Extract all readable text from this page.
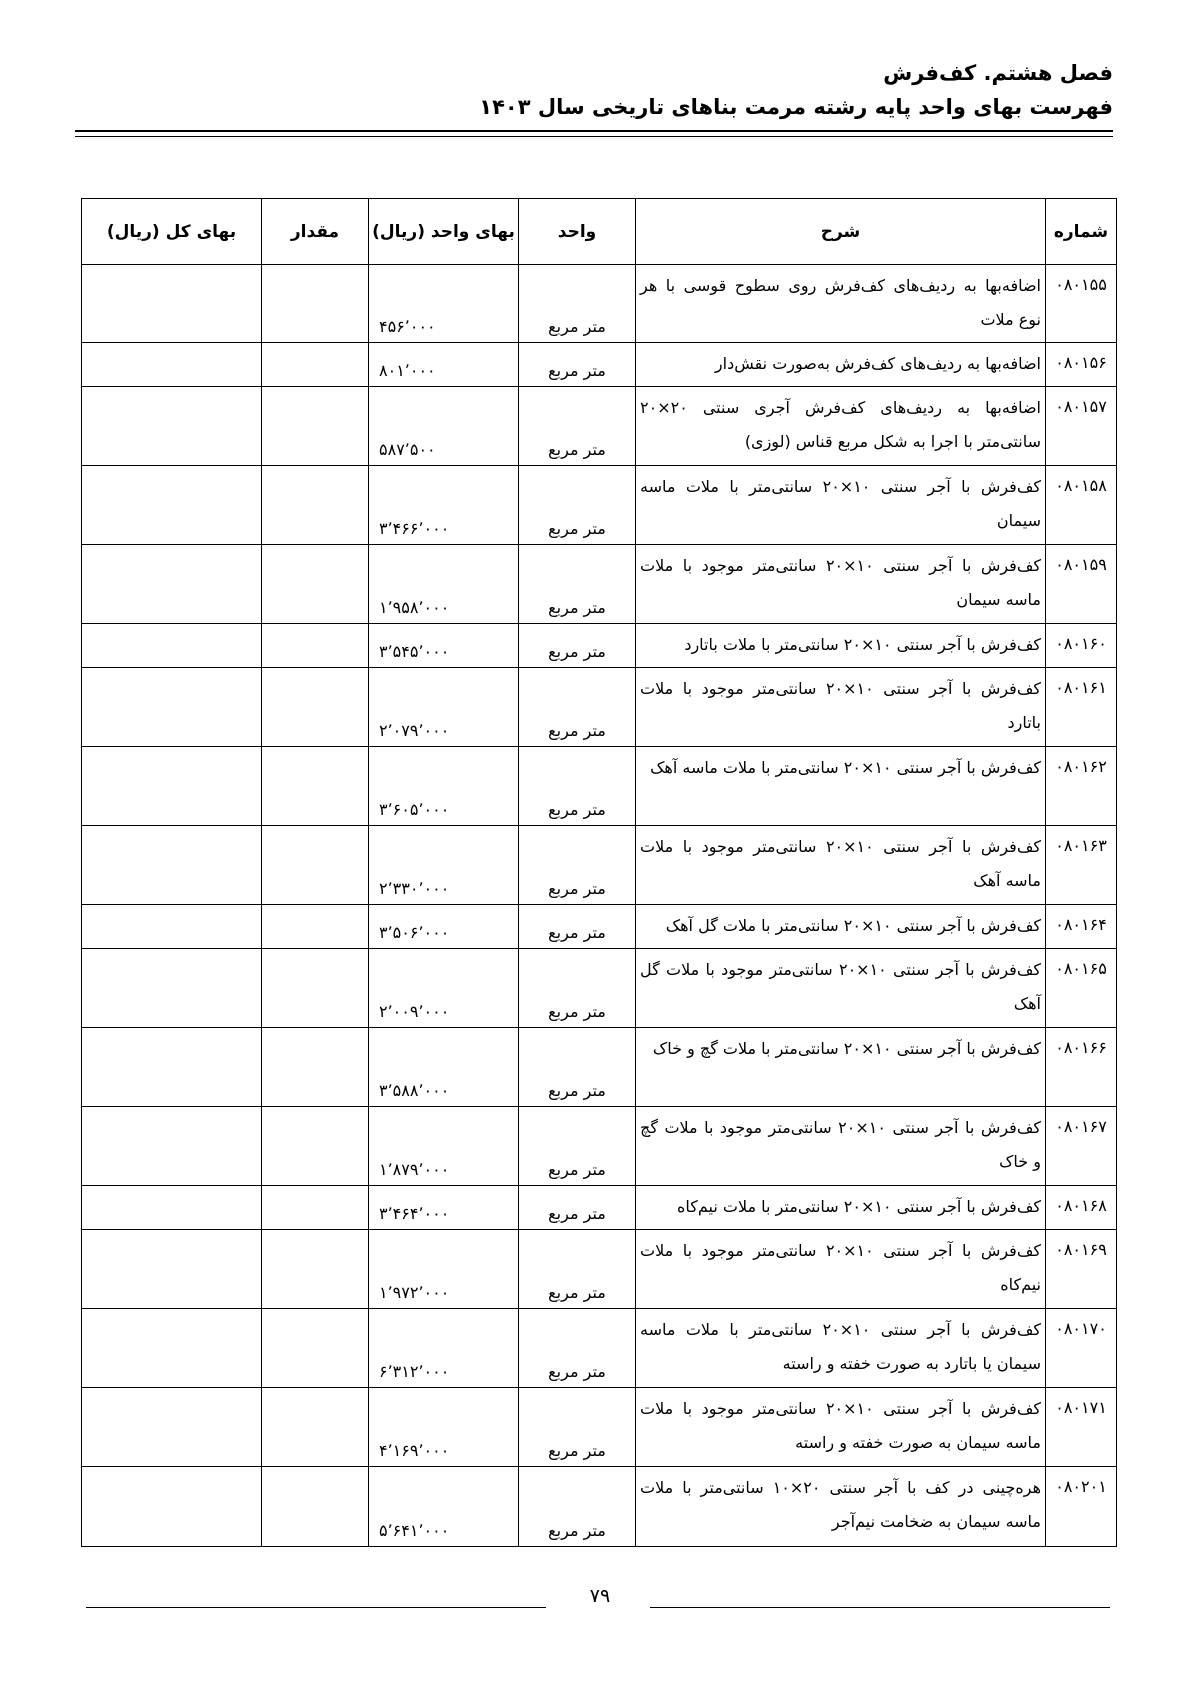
فصل هشتم. کف‌فرش
فهرست بهای واحد پایه رشته مرمت بناهای تاریخی سال ۱۴۰۳
شماره	شرح	واحد	بهای واحد (ریال)	مقدار	بهای کل (ریال)
۰۸۰۱۵۵	اضافه‌بها به ردیف‌های کف‌فرش روی سطوح قوسی با هر نوع ملات	متر مربع	۴۵۶٬۰۰۰		
۰۸۰۱۵۶	اضافه‌بها به ردیف‌های کف‌فرش به‌صورت نقش‌دار	متر مربع	۸۰۱٬۰۰۰		
۰۸۰۱۵۷	اضافه‌بها به ردیف‌های کف‌فرش آجری سنتی ۲۰×۲۰ سانتی‌متر با اجرا به شکل مربع قناس (لوزی)	متر مربع	۵۸۷٬۵۰۰		
۰۸۰۱۵۸	کف‌فرش با آجر سنتی ۱۰×۲۰ سانتی‌متر با ملات ماسه سیمان	متر مربع	۳٬۴۶۶٬۰۰۰		
۰۸۰۱۵۹	کف‌فرش با آجر سنتی ۱۰×۲۰ سانتی‌متر موجود با ملات ماسه سیمان	متر مربع	۱٬۹۵۸٬۰۰۰		
۰۸۰۱۶۰	کف‌فرش با آجر سنتی ۱۰×۲۰ سانتی‌متر با ملات باتارد	متر مربع	۳٬۵۴۵٬۰۰۰		
۰۸۰۱۶۱	کف‌فرش با آجر سنتی ۱۰×۲۰ سانتی‌متر موجود با ملات باتارد	متر مربع	۲٬۰۷۹٬۰۰۰		
۰۸۰۱۶۲	کف‌فرش با آجر سنتی ۱۰×۲۰ سانتی‌متر با ملات ماسه آهک	متر مربع	۳٬۶۰۵٬۰۰۰		
۰۸۰۱۶۳	کف‌فرش با آجر سنتی ۱۰×۲۰ سانتی‌متر موجود با ملات ماسه آهک	متر مربع	۲٬۳۳۰٬۰۰۰		
۰۸۰۱۶۴	کف‌فرش با آجر سنتی ۱۰×۲۰ سانتی‌متر با ملات گل آهک	متر مربع	۳٬۵۰۶٬۰۰۰		
۰۸۰۱۶۵	کف‌فرش با آجر سنتی ۱۰×۲۰ سانتی‌متر موجود با ملات گل آهک	متر مربع	۲٬۰۰۹٬۰۰۰		
۰۸۰۱۶۶	کف‌فرش با آجر سنتی ۱۰×۲۰ سانتی‌متر با ملات گچ و خاک	متر مربع	۳٬۵۸۸٬۰۰۰		
۰۸۰۱۶۷	کف‌فرش با آجر سنتی ۱۰×۲۰ سانتی‌متر موجود با ملات گچ و خاک	متر مربع	۱٬۸۷۹٬۰۰۰		
۰۸۰۱۶۸	کف‌فرش با آجر سنتی ۱۰×۲۰ سانتی‌متر با ملات نیم‌کاه	متر مربع	۳٬۴۶۴٬۰۰۰		
۰۸۰۱۶۹	کف‌فرش با آجر سنتی ۱۰×۲۰ سانتی‌متر موجود با ملات نیم‌کاه	متر مربع	۱٬۹۷۲٬۰۰۰		
۰۸۰۱۷۰	کف‌فرش با آجر سنتی ۱۰×۲۰ سانتی‌متر با ملات ماسه سیمان یا باتارد به صورت خفته و راسته	متر مربع	۶٬۳۱۲٬۰۰۰		
۰۸۰۱۷۱	کف‌فرش با آجر سنتی ۱۰×۲۰ سانتی‌متر موجود با ملات ماسه سیمان به صورت خفته و راسته	متر مربع	۴٬۱۶۹٬۰۰۰		
۰۸۰۲۰۱	هره‌چینی در کف با آجر سنتی ۲۰×۱۰ سانتی‌متر با ملات ماسه سیمان به ضخامت نیم‌آجر	متر مربع	۵٬۶۴۱٬۰۰۰		
۷۹
